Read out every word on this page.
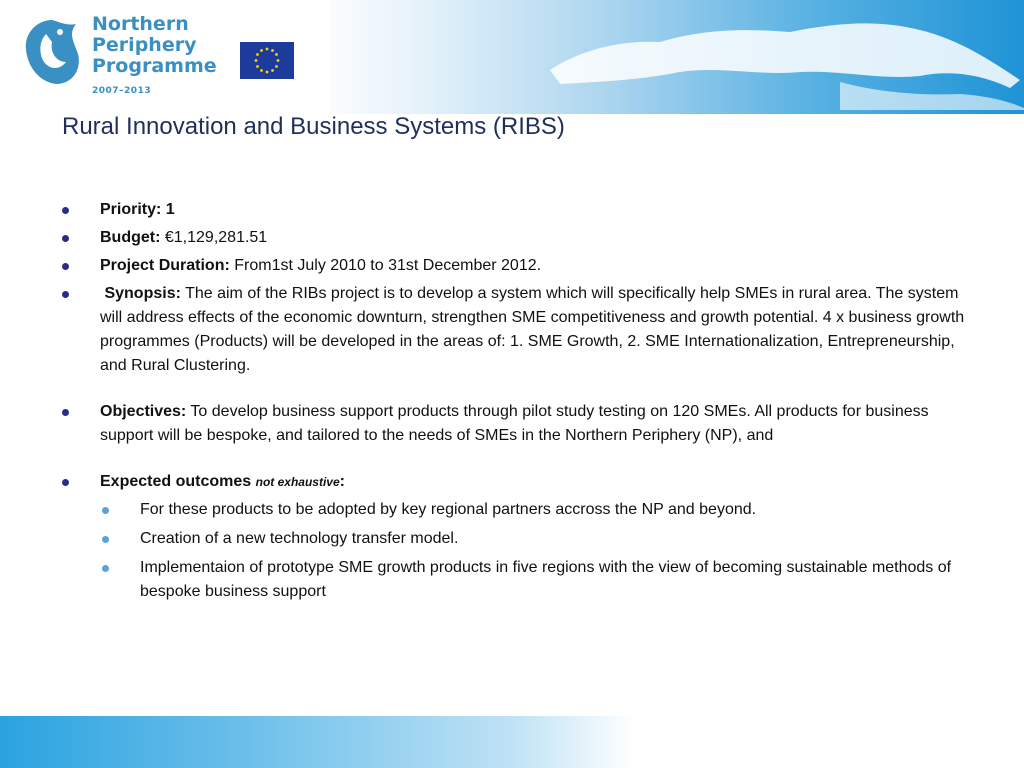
Northern
Periphery
Programme
2007–2013
Rural Innovation and Business Systems (RIBS)
Priority: 1
Budget: €1,129,281.51
Project Duration: From1st July 2010 to 31st December 2012.
Synopsis: The aim of the RIBs project is to develop a system which will specifically help SMEs in rural area. The system will address effects of the economic downturn, strengthen SME competitiveness and growth potential. 4 x business growth programmes (Products) will be developed in the areas of: 1. SME Growth, 2. SME Internationalization, Entrepreneurship, and Rural Clustering.
Objectives: To develop business support products through pilot study testing on 120 SMEs. All products for business support will be bespoke, and tailored to the needs of SMEs in the Northern Periphery (NP), and
Expected outcomes not exhaustive:
For these products to be adopted by key regional partners accross the NP and beyond.
Creation of a new technology transfer model.
Implementaion of prototype SME growth products in five regions with the view of becoming sustainable methods of bespoke business support
